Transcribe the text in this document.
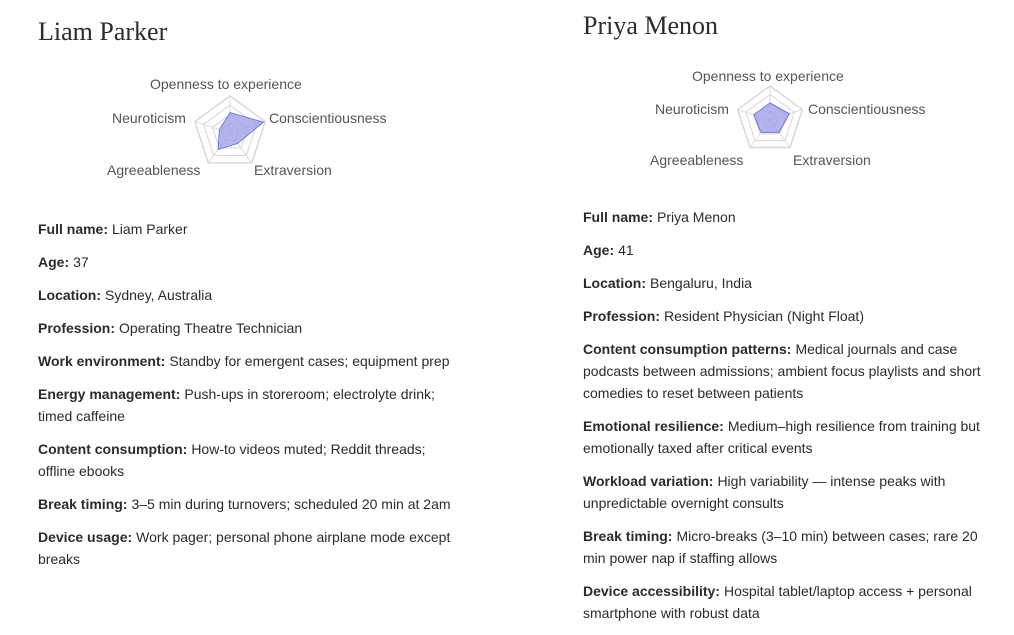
Liam Parker
Openness to experience
Conscientiousness
Extraversion
Agreeableness
Neuroticism
Full name: Liam Parker
Age: 37
Location: Sydney, Australia
Profession: Operating Theatre Technician
Work environment: Standby for emergent cases; equipment prep
Energy management: Push-ups in storeroom; electrolyte drink; timed caffeine
Content consumption: How-to videos muted; Reddit threads; offline ebooks
Break timing: 3–5 min during turnovers; scheduled 20 min at 2am
Device usage: Work pager; personal phone airplane mode except breaks
Priya Menon
Openness to experience
Conscientiousness
Extraversion
Agreeableness
Neuroticism
Full name: Priya Menon
Age: 41
Location: Bengaluru, India
Profession: Resident Physician (Night Float)
Content consumption patterns: Medical journals and case podcasts between admissions; ambient focus playlists and short comedies to reset between patients
Emotional resilience: Medium–high resilience from training but emotionally taxed after critical events
Workload variation: High variability — intense peaks with unpredictable overnight consults
Break timing: Micro-breaks (3–10 min) between cases; rare 20 min power nap if staffing allows
Device accessibility: Hospital tablet/laptop access + personal smartphone with robust data
